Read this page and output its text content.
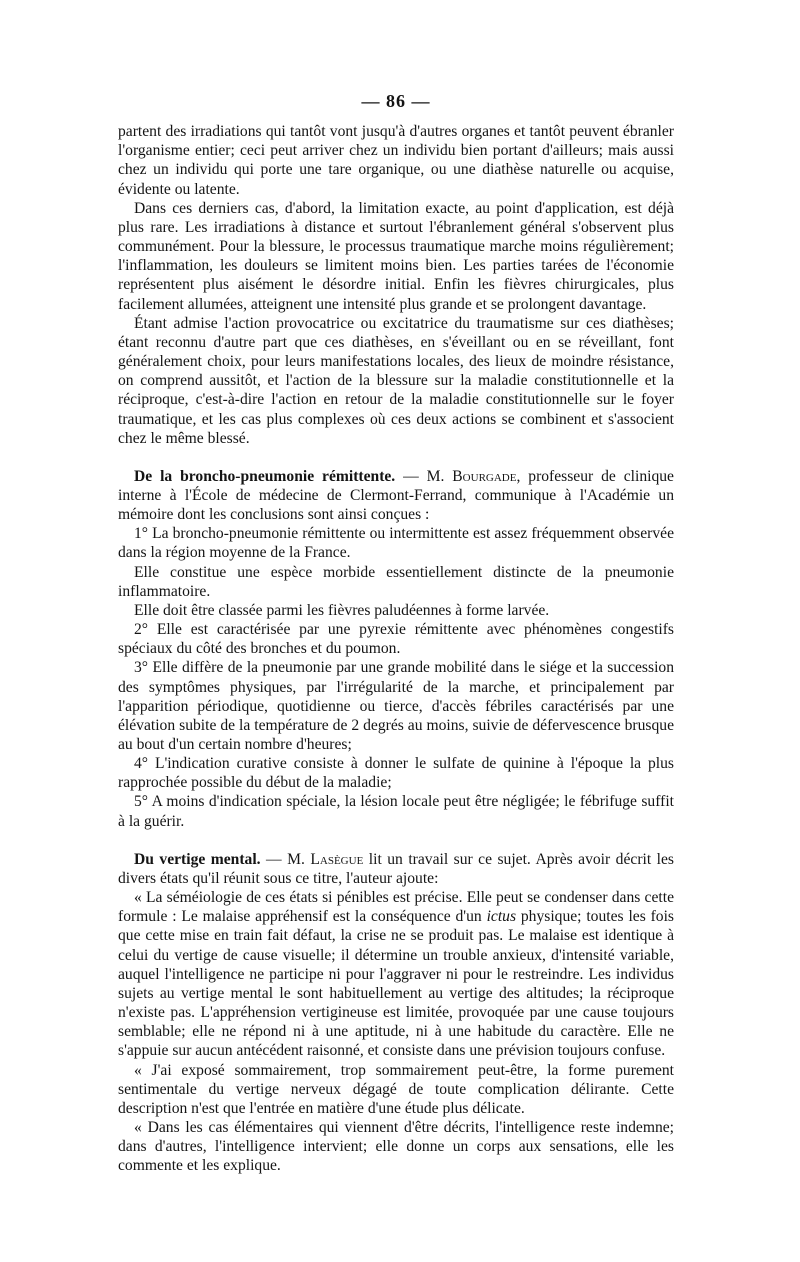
— 86 —

partent des irradiations qui tantôt vont jusqu'à d'autres organes et tantôt peuvent ébranler l'organisme entier; ceci peut arriver chez un individu bien portant d'ailleurs; mais aussi chez un individu qui porte une tare organique, ou une diathèse naturelle ou acquise, évidente ou latente.

Dans ces derniers cas, d'abord, la limitation exacte, au point d'application, est déjà plus rare. Les irradiations à distance et surtout l'ébranlement général s'observent plus communément. Pour la blessure, le processus traumatique marche moins régulièrement; l'inflammation, les douleurs se limitent moins bien. Les parties tarées de l'économie représentent plus aisément le désordre initial. Enfin les fièvres chirurgicales, plus facilement allumées, atteignent une intensité plus grande et se prolongent davantage.

Étant admise l'action provocatrice ou excitatrice du traumatisme sur ces diathèses; étant reconnu d'autre part que ces diathèses, en s'éveillant ou en se réveillant, font généralement choix, pour leurs manifestations locales, des lieux de moindre résistance, on comprend aussitôt, et l'action de la blessure sur la maladie constitutionnelle et la réciproque, c'est-à-dire l'action en retour de la maladie constitutionnelle sur le foyer traumatique, et les cas plus complexes où ces deux actions se combinent et s'associent chez le même blessé.

De la broncho-pneumonie rémittente. — M. Bourgade, professeur de clinique interne à l'École de médecine de Clermont-Ferrand, communique à l'Académie un mémoire dont les conclusions sont ainsi conçues :

1° La broncho-pneumonie rémittente ou intermittente est assez fréquemment observée dans la région moyenne de la France.

Elle constitue une espèce morbide essentiellement distincte de la pneumonie inflammatoire.

Elle doit être classée parmi les fièvres paludéennes à forme larvée.

2° Elle est caractérisée par une pyrexie rémittente avec phénomènes congestifs spéciaux du côté des bronches et du poumon.

3° Elle diffère de la pneumonie par une grande mobilité dans le siége et la succession des symptômes physiques, par l'irrégularité de la marche, et principalement par l'apparition périodique, quotidienne ou tierce, d'accès fébriles caractérisés par une élévation subite de la température de 2 degrés au moins, suivie de défervescence brusque au bout d'un certain nombre d'heures;

4° L'indication curative consiste à donner le sulfate de quinine à l'époque la plus rapprochée possible du début de la maladie;

5° A moins d'indication spéciale, la lésion locale peut être négligée; le fébrifuge suffit à la guérir.

Du vertige mental. — M. Lasègue lit un travail sur ce sujet. Après avoir décrit les divers états qu'il réunit sous ce titre, l'auteur ajoute:

« La séméiologie de ces états si pénibles est précise. Elle peut se condenser dans cette formule : Le malaise appréhensif est la conséquence d'un ictus physique; toutes les fois que cette mise en train fait défaut, la crise ne se produit pas. Le malaise est identique à celui du vertige de cause visuelle; il détermine un trouble anxieux, d'intensité variable, auquel l'intelligence ne participe ni pour l'aggraver ni pour le restreindre. Les individus sujets au vertige mental le sont habituellement au vertige des altitudes; la réciproque n'existe pas. L'appréhension vertigineuse est limitée, provoquée par une cause toujours semblable; elle ne répond ni à une aptitude, ni à une habitude du caractère. Elle ne s'appuie sur aucun antécédent raisonné, et consiste dans une prévision toujours confuse.

« J'ai exposé sommairement, trop sommairement peut-être, la forme purement sentimentale du vertige nerveux dégagé de toute complication délirante. Cette description n'est que l'entrée en matière d'une étude plus délicate.

« Dans les cas élémentaires qui viennent d'être décrits, l'intelligence reste indemne; dans d'autres, l'intelligence intervient; elle donne un corps aux sensations, elle les commente et les explique.
